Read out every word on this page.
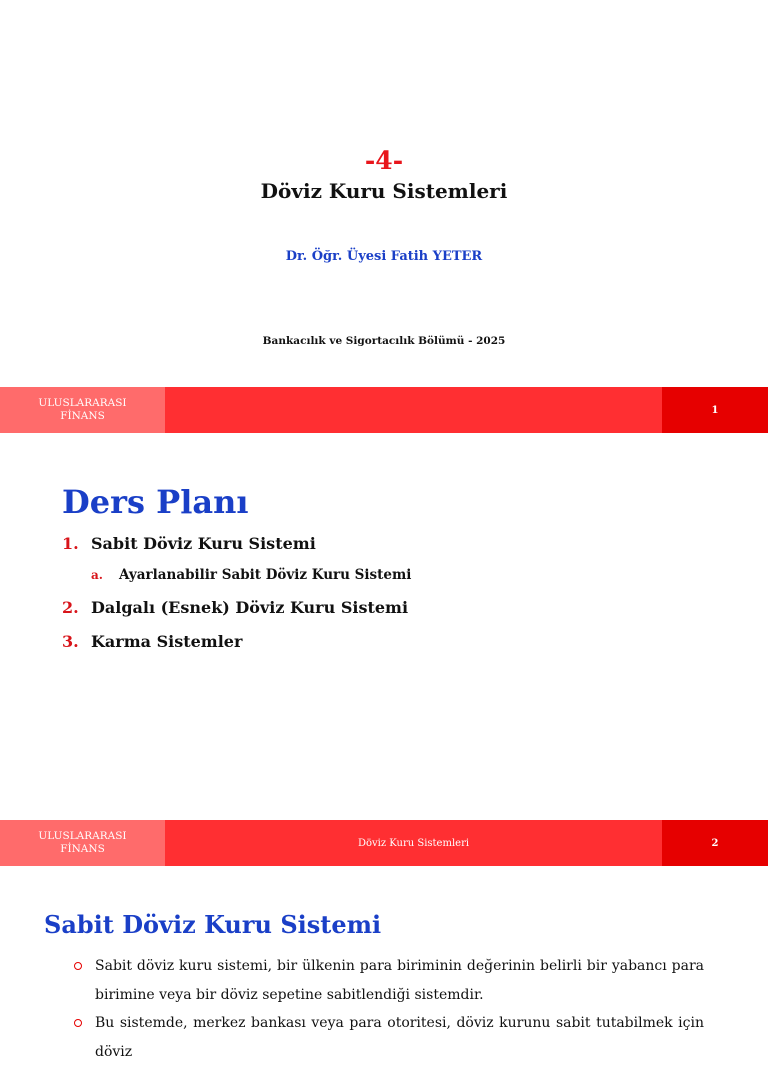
-4-
Döviz Kuru Sistemleri
Dr. Öğr. Üyesi Fatih YETER
Bankacılık ve Sigortacılık Bölümü - 2025
ULUSLARARASI
FİNANS	1
Ders Planı
1. Sabit Döviz Kuru Sistemi
a.	Ayarlanabilir Sabit Döviz Kuru Sistemi
2. Dalgalı (Esnek) Döviz Kuru Sistemi
3. Karma Sistemler
ULUSLARARASI
FİNANS	Döviz Kuru Sistemleri	2
Sabit Döviz Kuru Sistemi
Sabit döviz kuru sistemi, bir ülkenin para biriminin değerinin belirli bir yabancı para birimine veya bir döviz sepetine sabitlendiği sistemdir.
Bu sistemde, merkez bankası veya para otoritesi, döviz kurunu sabit tutabilmek için döviz
